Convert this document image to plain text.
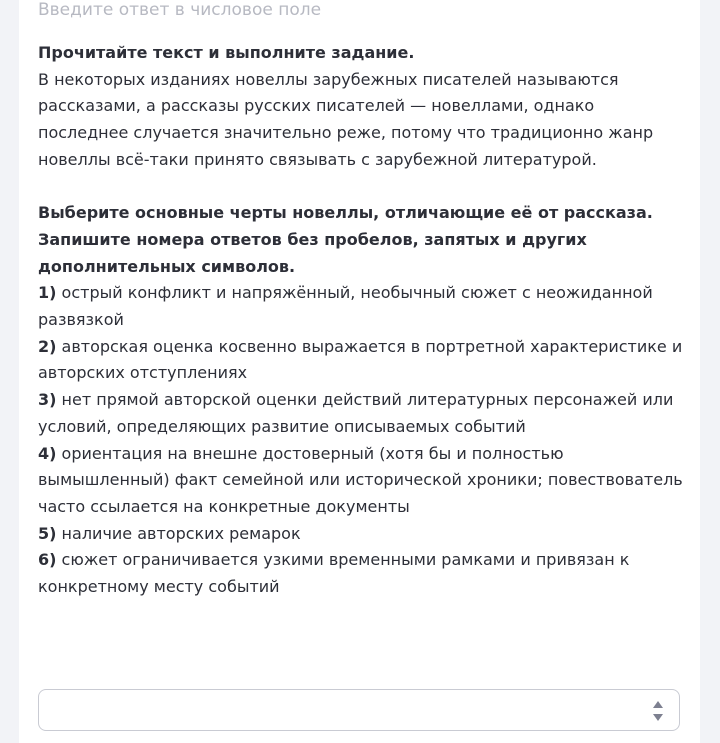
Введите ответ в числовое поле

Прочитайте текст и выполните задание.

В некоторых изданиях новеллы зарубежных писателей называются рассказами, а рассказы русских писателей — новеллами, однако последнее случается значительно реже, потому что традиционно жанр новеллы всё-таки принято связывать с зарубежной литературой.

Выберите основные черты новеллы, отличающие её от рассказа.

Запишите номера ответов без пробелов, запятых и других дополнительных символов.

1) острый конфликт и напряжённый, необычный сюжет с неожиданной развязкой

2) авторская оценка косвенно выражается в портретной характеристике и авторских отступлениях

3) нет прямой авторской оценки действий литературных персонажей или условий, определяющих развитие описываемых событий

4) ориентация на внешне достоверный (хотя бы и полностью вымышленный) факт семейной или исторической хроники; повествователь часто ссылается на конкретные документы

5) наличие авторских ремарок

6) сюжет ограничивается узкими временными рамками и привязан к конкретному месту событий
